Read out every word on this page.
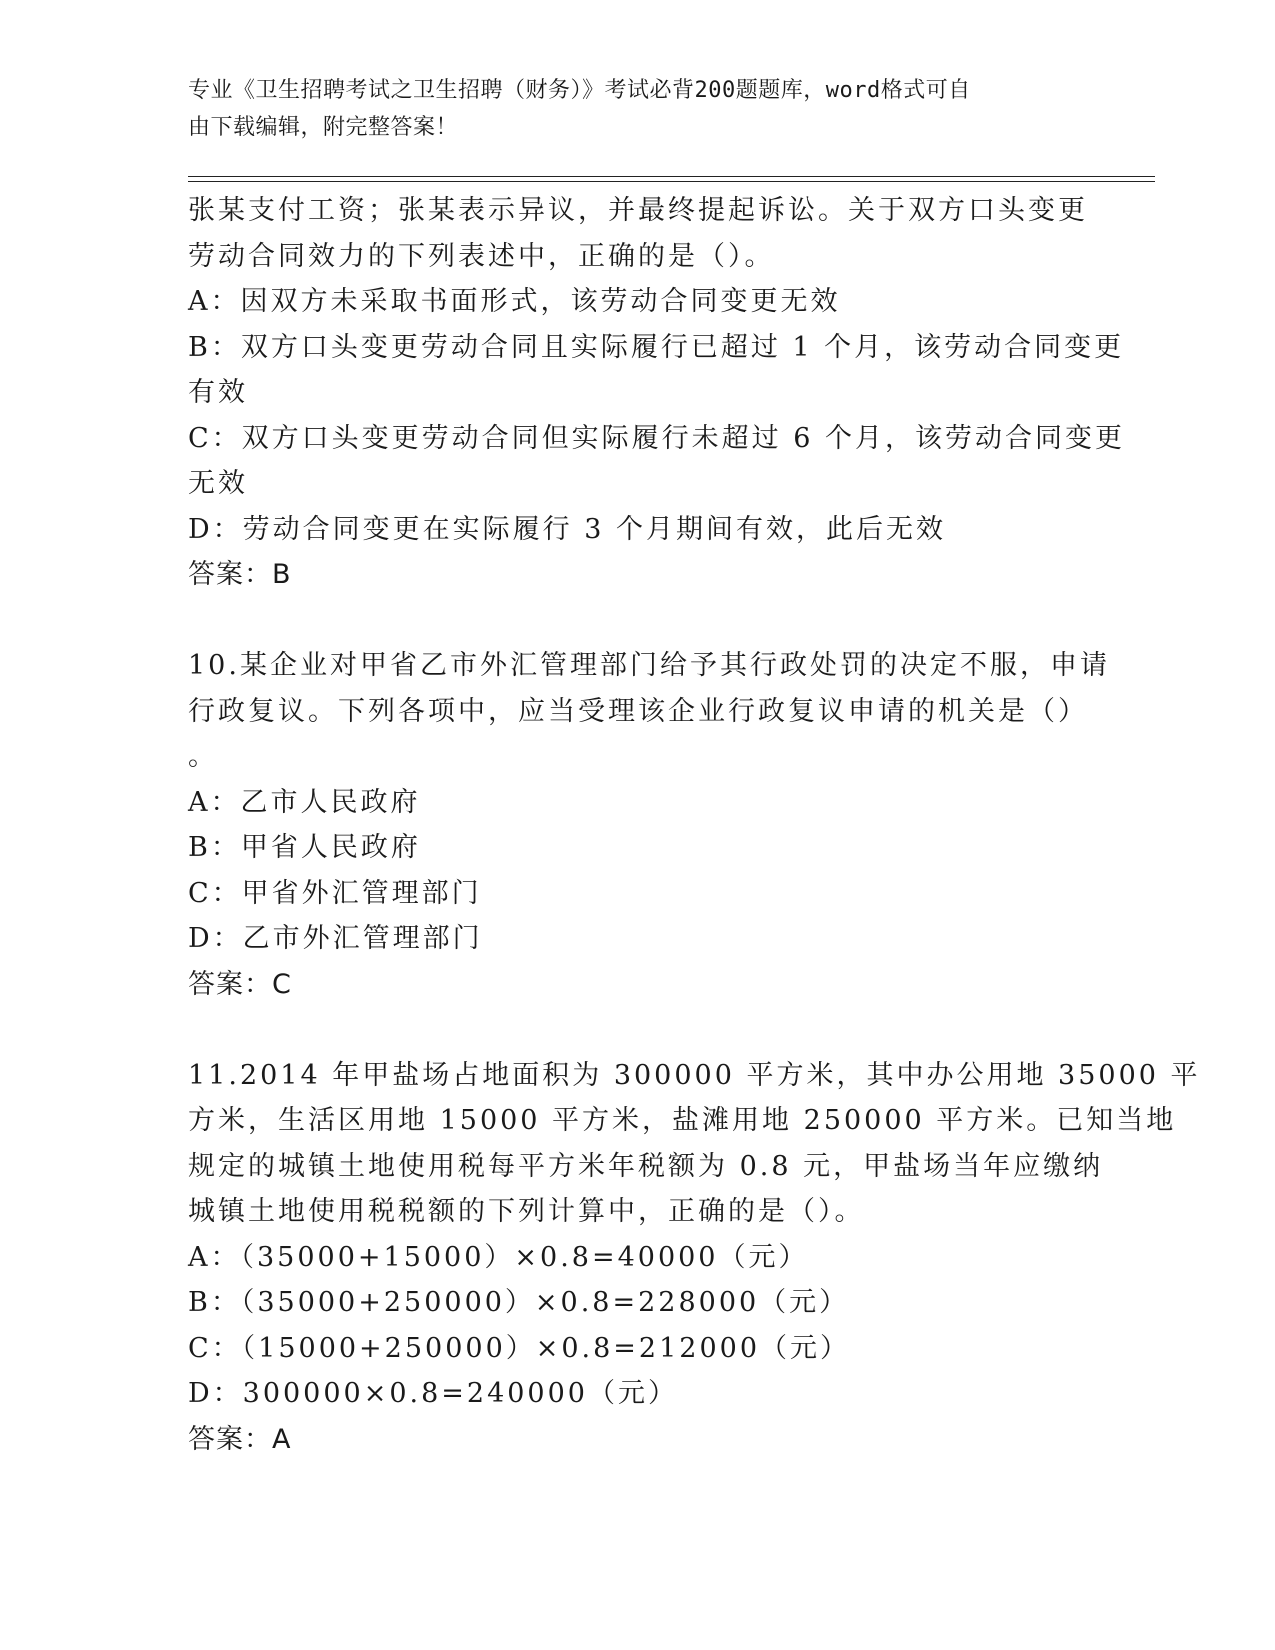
专业《卫生招聘考试之卫生招聘（财务）》考试必背200题题库，word格式可自
由下载编辑，附完整答案！
张某支付工资；张某表示异议，并最终提起诉讼。关于双方口头变更
劳动合同效力的下列表述中，正确的是（）。
A：因双方未采取书面形式，该劳动合同变更无效
B：双方口头变更劳动合同且实际履行已超过 1 个月，该劳动合同变更
有效
C：双方口头变更劳动合同但实际履行未超过 6 个月，该劳动合同变更
无效
D：劳动合同变更在实际履行 3 个月期间有效，此后无效
答案：B
10.某企业对甲省乙市外汇管理部门给予其行政处罚的决定不服，申请
行政复议。下列各项中，应当受理该企业行政复议申请的机关是（）
。
A：乙市人民政府
B：甲省人民政府
C：甲省外汇管理部门
D：乙市外汇管理部门
答案：C
11.2014 年甲盐场占地面积为 300000 平方米，其中办公用地 35000 平
方米，生活区用地 15000 平方米，盐滩用地 250000 平方米。已知当地
规定的城镇土地使用税每平方米年税额为 0.8 元，甲盐场当年应缴纳
城镇土地使用税税额的下列计算中，正确的是（）。
A：（35000+15000）×0.8=40000（元）
B：（35000+250000）×0.8=228000（元）
C：（15000+250000）×0.8=212000（元）
D：300000×0.8=240000（元）
答案：A
